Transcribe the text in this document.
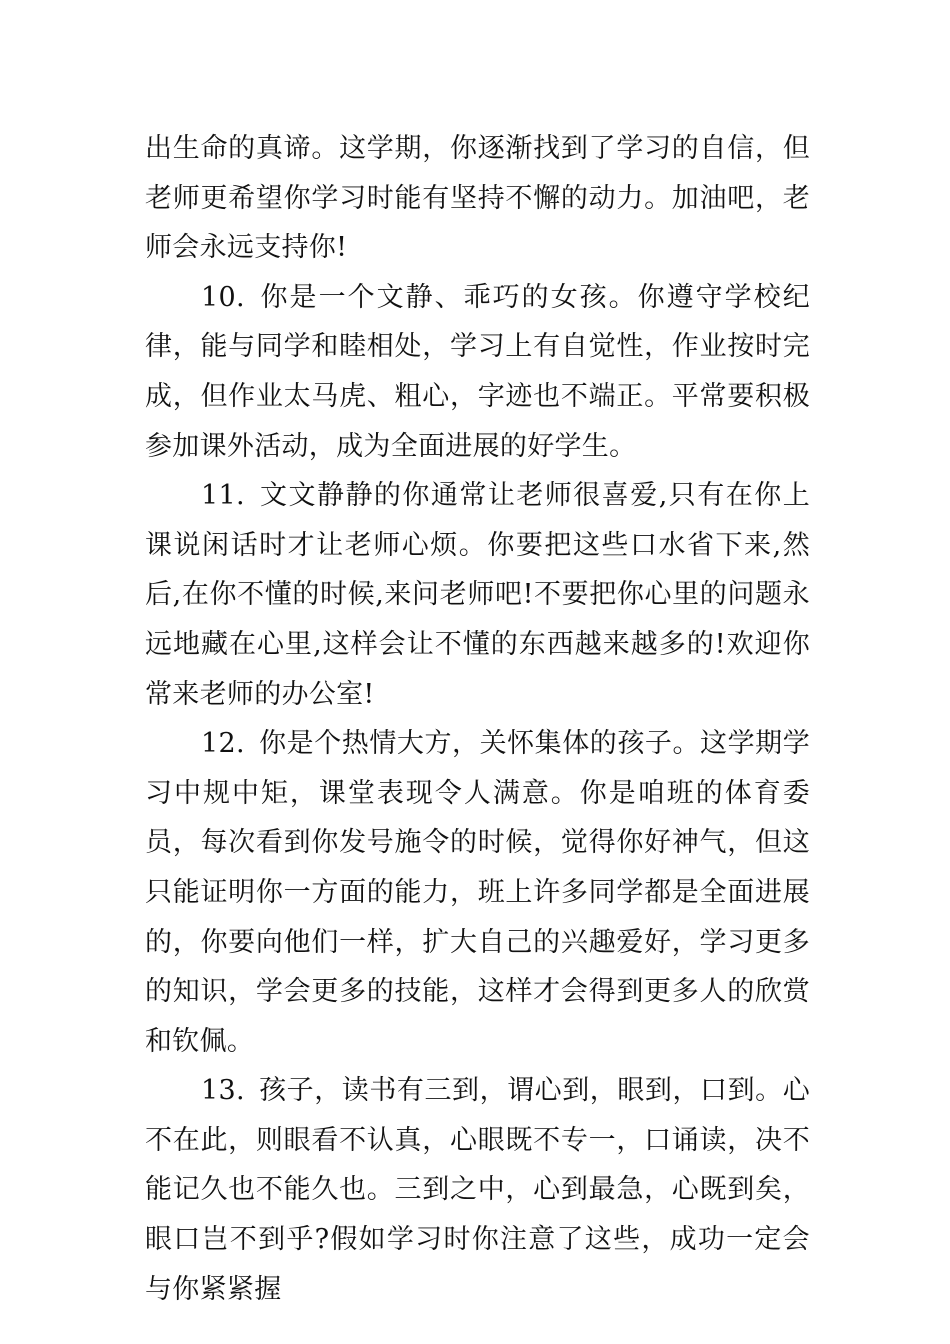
出生命的真谛。这学期，你逐渐找到了学习的自信，但老师更希望你学习时能有坚持不懈的动力。加油吧，老师会永远支持你!

10. 你是一个文静、乖巧的女孩。你遵守学校纪律，能与同学和睦相处，学习上有自觉性，作业按时完成，但作业太马虎、粗心，字迹也不端正。平常要积极参加课外活动，成为全面进展的好学生。

11. 文文静静的你通常让老师很喜爱,只有在你上课说闲话时才让老师心烦。你要把这些口水省下来,然后,在你不懂的时候,来问老师吧!不要把你心里的问题永远地藏在心里,这样会让不懂的东西越来越多的!欢迎你常来老师的办公室!

12. 你是个热情大方，关怀集体的孩子。这学期学习中规中矩，课堂表现令人满意。你是咱班的体育委员，每次看到你发号施令的时候，觉得你好神气，但这只能证明你一方面的能力，班上许多同学都是全面进展的，你要向他们一样，扩大自己的兴趣爱好，学习更多的知识，学会更多的技能，这样才会得到更多人的欣赏和钦佩。

13. 孩子，读书有三到，谓心到，眼到，口到。心不在此，则眼看不认真，心眼既不专一，口诵读，决不能记久也不能久也。三到之中，心到最急，心既到矣，眼口岂不到乎?假如学习时你注意了这些，成功一定会与你紧紧握
